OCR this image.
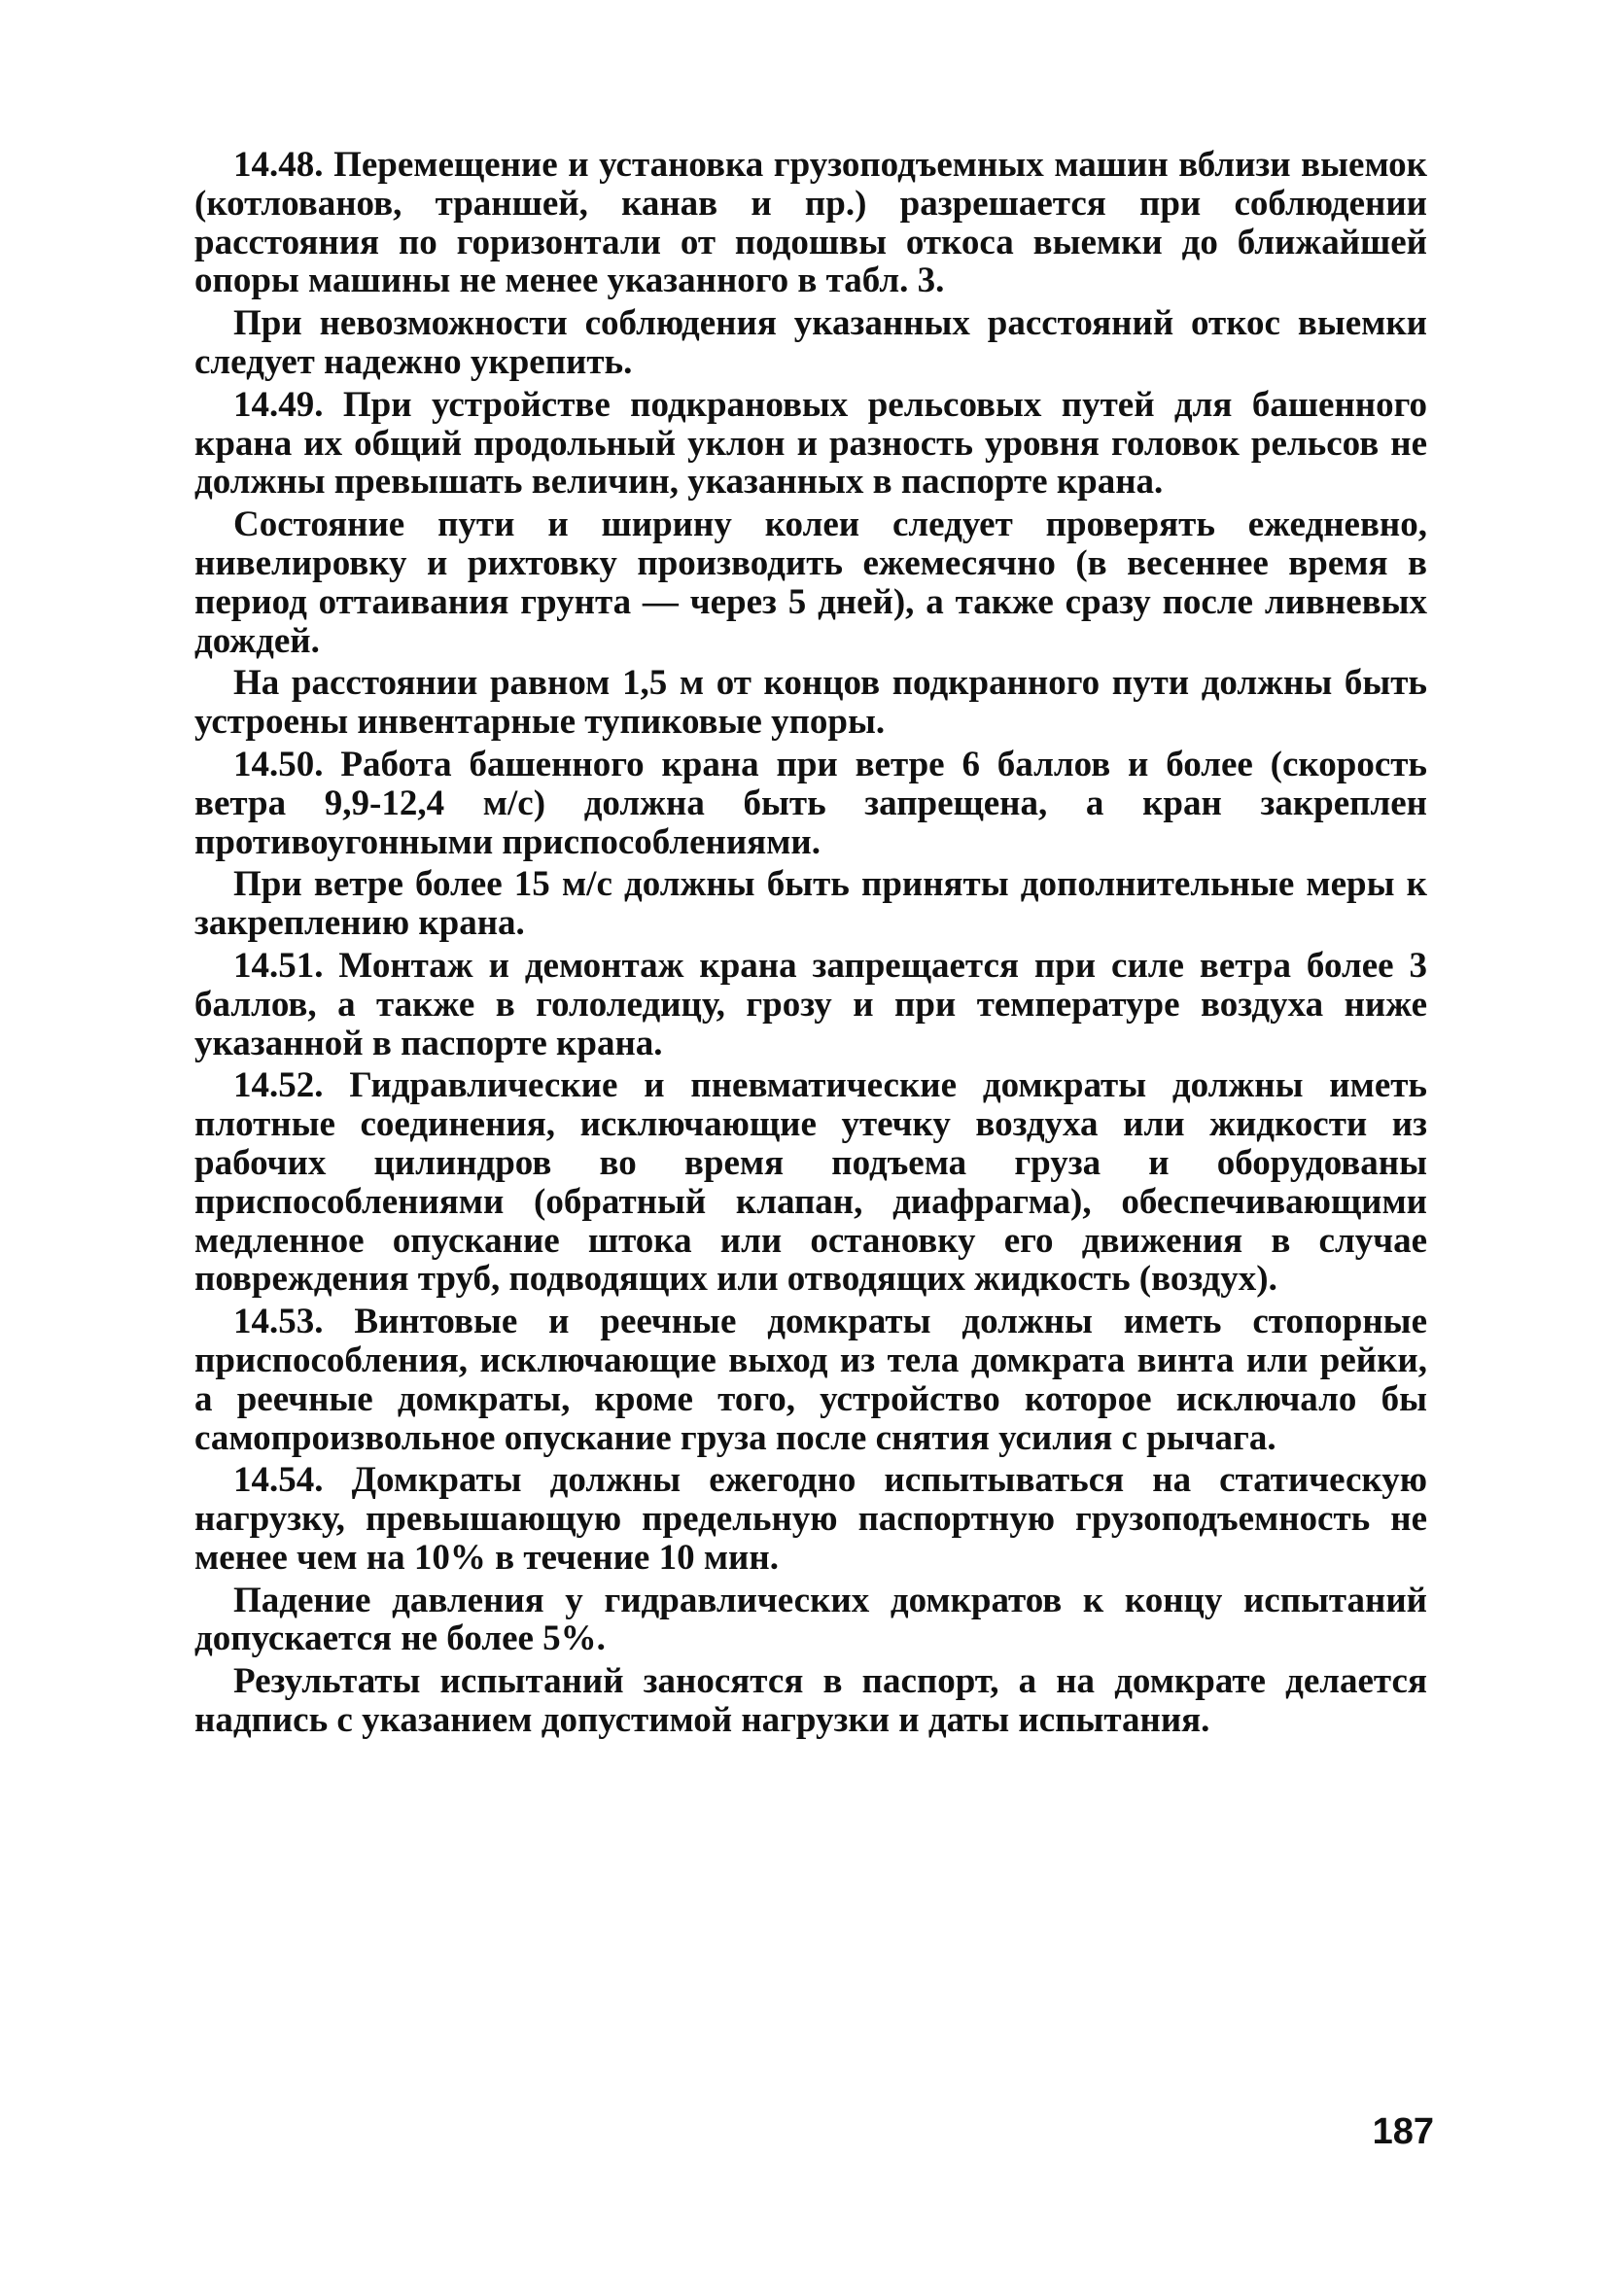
14.48. Перемещение и установка грузоподъемных машин вблизи выемок (котлованов, траншей, канав и пр.) разрешается при соблюдении расстояния по горизонтали от подошвы откоса выемки до ближайшей опоры машины не менее указанного в табл. 3.

При невозможности соблюдения указанных расстояний откос выемки следует надежно укрепить.

14.49. При устройстве подкрановых рельсовых путей для башенного крана их общий продольный уклон и разность уровня головок рельсов не должны превышать величин, указанных в паспорте крана.

Состояние пути и ширину колеи следует проверять ежедневно, нивелировку и рихтовку производить ежемесячно (в весеннее время в период оттаивания грунта — через 5 дней), а также сразу после ливневых дождей.

На расстоянии равном 1,5 м от концов подкранного пути должны быть устроены инвентарные тупиковые упоры.

14.50. Работа башенного крана при ветре 6 баллов и более (скорость ветра 9,9-12,4 м/с) должна быть запрещена, а кран закреплен противоугонными приспособлениями.

При ветре более 15 м/с должны быть приняты дополнительные меры к закреплению крана.

14.51. Монтаж и демонтаж крана запрещается при силе ветра более 3 баллов, а также в гололедицу, грозу и при температуре воздуха ниже указанной в паспорте крана.

14.52. Гидравлические и пневматические домкраты должны иметь плотные соединения, исключающие утечку воздуха или жидкости из рабочих цилиндров во время подъема груза и оборудованы приспособлениями (обратный клапан, диафрагма), обеспечивающими медленное опускание штока или остановку его движения в случае повреждения труб, подводящих или отводящих жидкость (воздух).

14.53. Винтовые и реечные домкраты должны иметь стопорные приспособления, исключающие выход из тела домкрата винта или рейки, а реечные домкраты, кроме того, устройство которое исключало бы самопроизвольное опускание груза после снятия усилия с рычага.

14.54. Домкраты должны ежегодно испытываться на статическую нагрузку, превышающую предельную паспортную грузоподъемность не менее чем на 10% в течение 10 мин.

Падение давления у гидравлических домкратов к концу испытаний допускается не более 5%.

Результаты испытаний заносятся в паспорт, а на домкрате делается надпись с указанием допустимой нагрузки и даты испытания.

187
